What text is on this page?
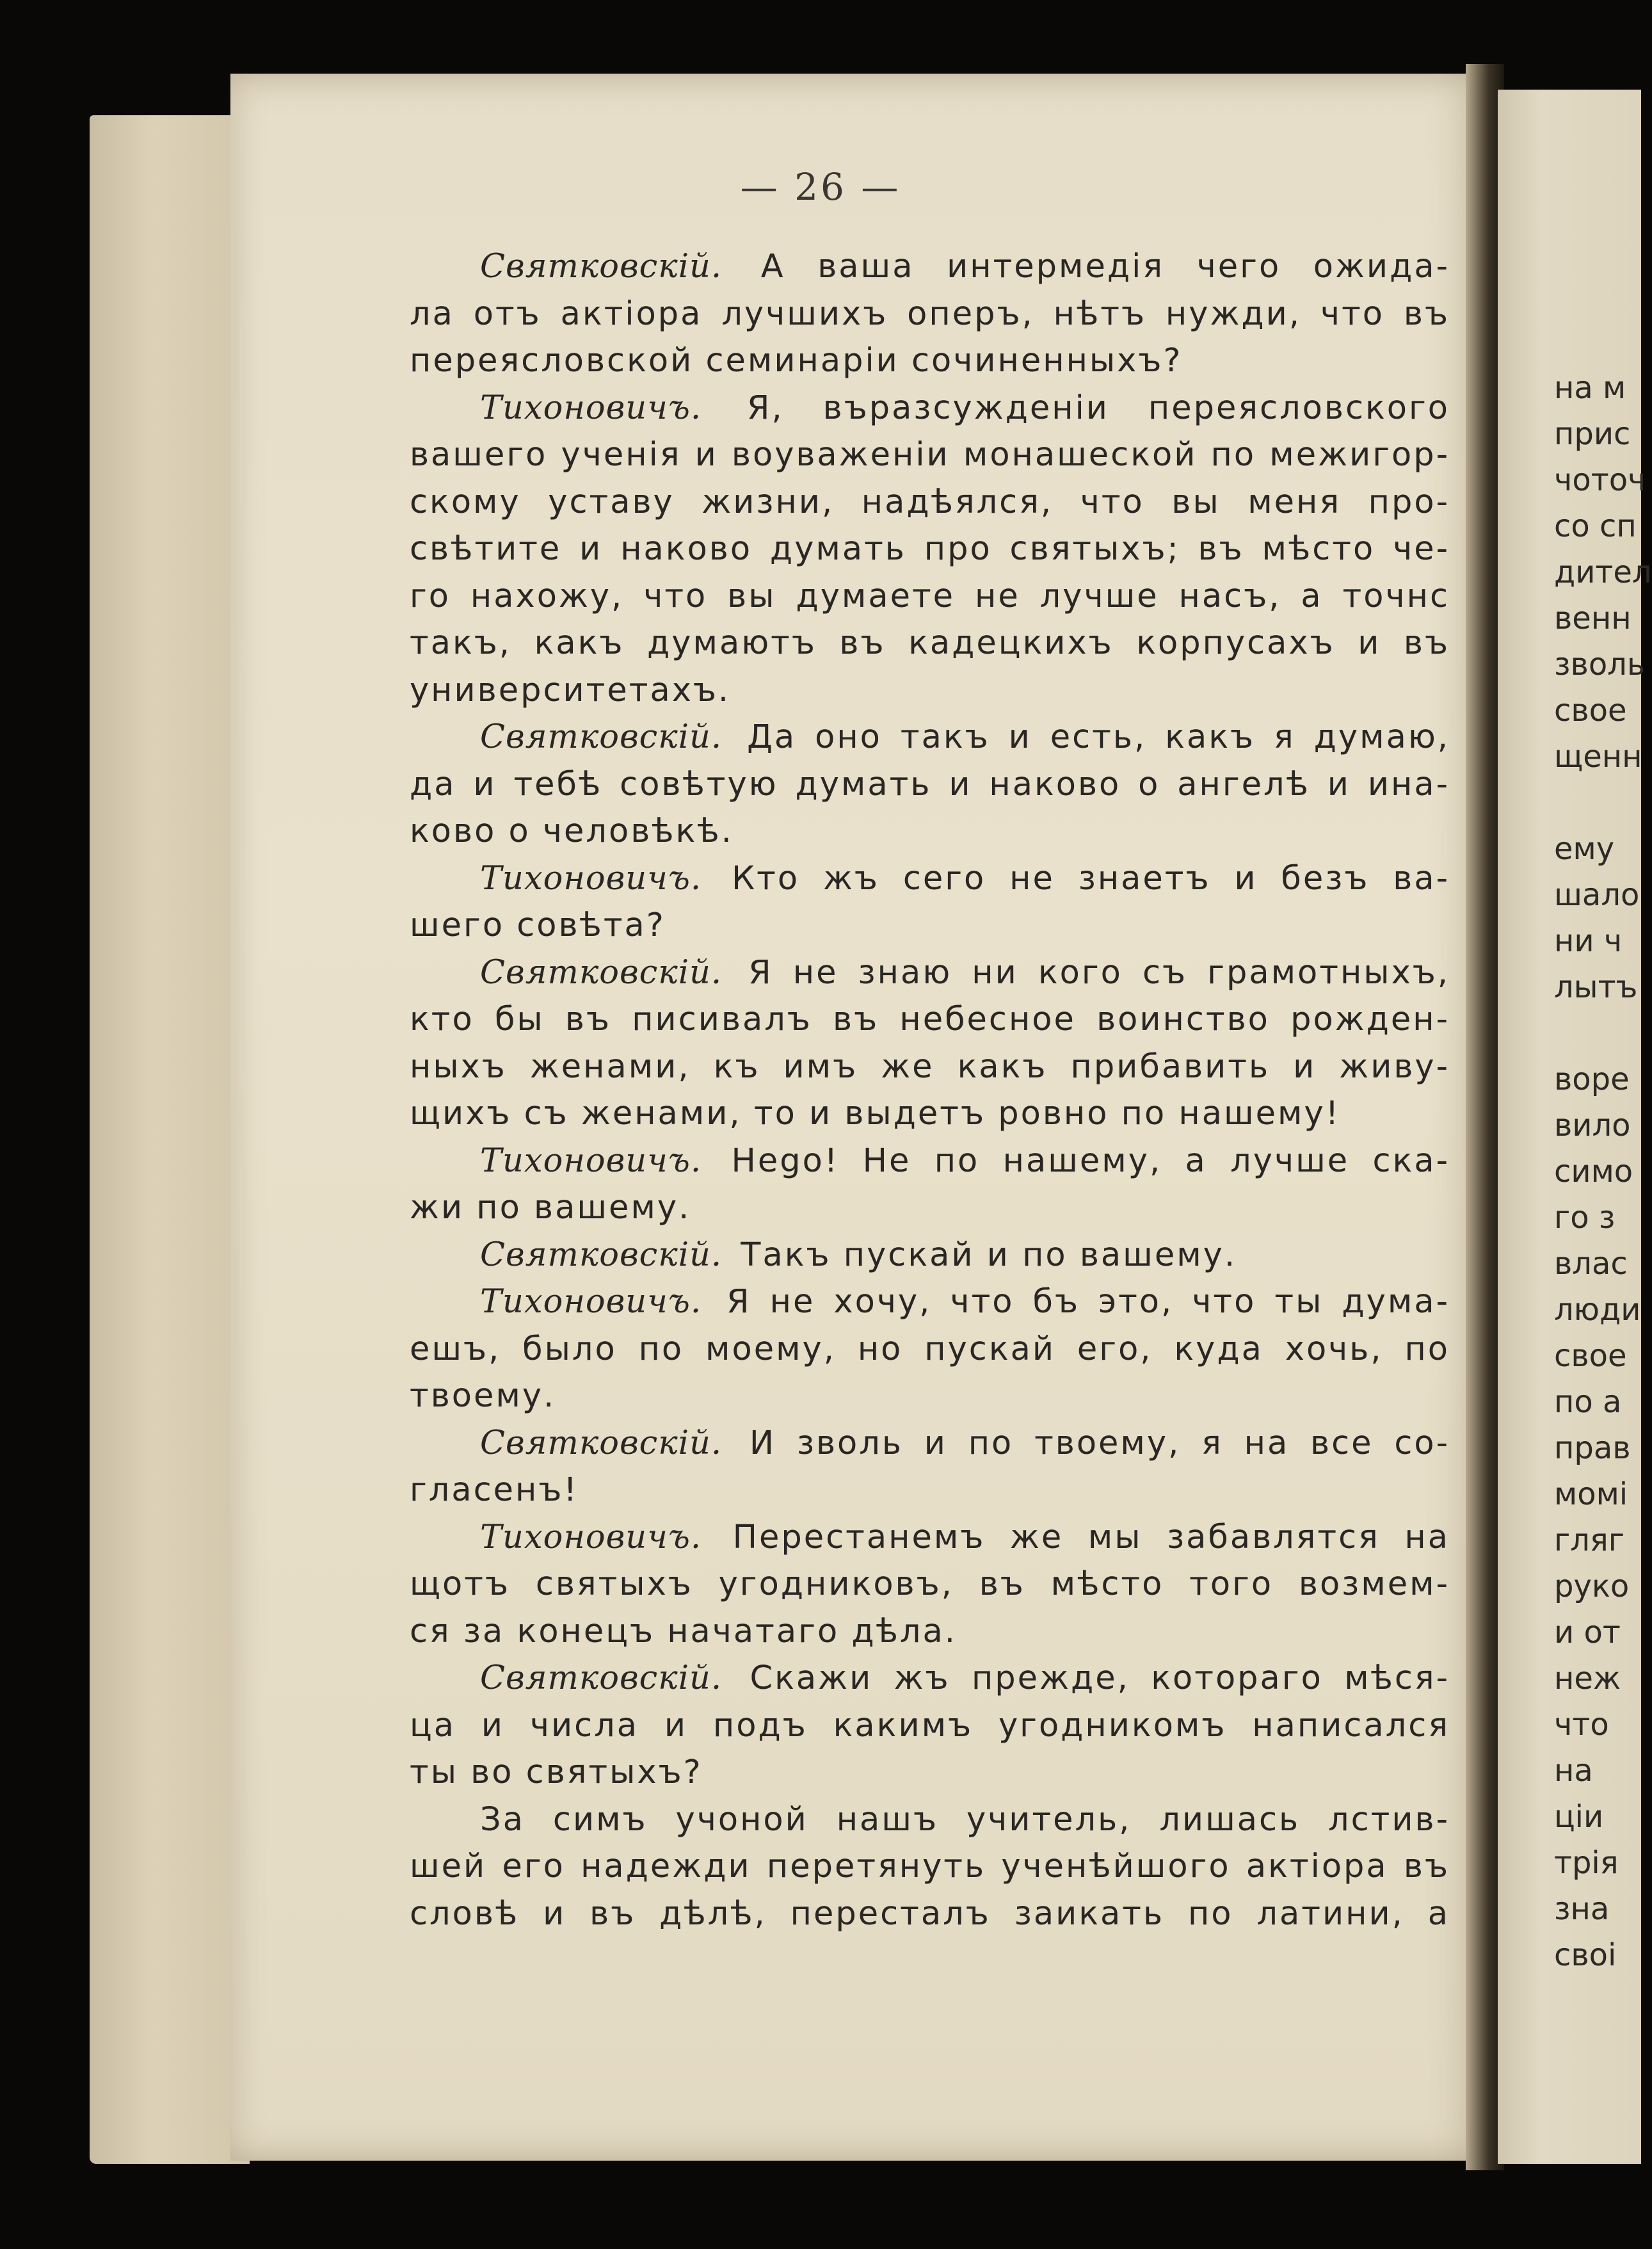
на м
прис
чоточ
со сп
дител
венн
зволь
свое
щенн
ему
шало
ни ч
лытъ
воре
вило
симо
го з
влас
люди
свое
по а
прав
момі
гляг
руко
и от
неж
что
на
ціи
трія
зна
своі
— 26 —
Святковскій. А ваша интермедія чего ожида-
ла отъ актіора лучшихъ оперъ, нѣтъ нужди, что въ
переясловской семинаріи сочиненныхъ?
Тихоновичъ. Я, въразсужденіи переясловского
вашего ученія и воуваженіи монашеской по межигор-
скому уставу жизни, надѣялся, что вы меня про-
свѣтите и наково думать про святыхъ; въ мѣсто че-
го нахожу, что вы думаете не лучше насъ, а точнс
такъ, какъ думаютъ въ кадецкихъ корпусахъ и въ
университетахъ.
Святковскій. Да оно такъ и есть, какъ я думаю,
да и тебѣ совѣтую думать и наково о ангелѣ и ина-
ково о человѣкѣ.
Тихоновичъ. Кто жъ сего не знаетъ и безъ ва-
шего совѣта?
Святковскій. Я не знаю ни кого съ грамотныхъ,
кто бы въ писивалъ въ небесное воинство рожден-
ныхъ женами, къ имъ же какъ прибавить и живу-
щихъ съ женами, то и выдетъ ровно по нашему!
Тихоновичъ. Неgo! Не по нашему, а лучше ска-
жи по вашему.
Святковскій. Такъ пускай и по вашему.
Тихоновичъ. Я не хочу, что бъ это, что ты дума-
ешъ, было по моему, но пускай его, куда хочь, по
твоему.
Святковскій. И зволь и по твоему, я на все со-
гласенъ!
Тихоновичъ. Перестанемъ же мы забавлятся на
щотъ святыхъ угодниковъ, въ мѣсто того возмем-
ся за конецъ начатаго дѣла.
Святковскій. Скажи жъ прежде, котораго мѣся-
ца и числа и подъ какимъ угодникомъ написался
ты во святыхъ?
За симъ учоной нашъ учитель, лишась лстив-
шей его надежди перетянуть ученѣйшого актіора въ
словѣ и въ дѣлѣ, пересталъ заикать по латини, а
